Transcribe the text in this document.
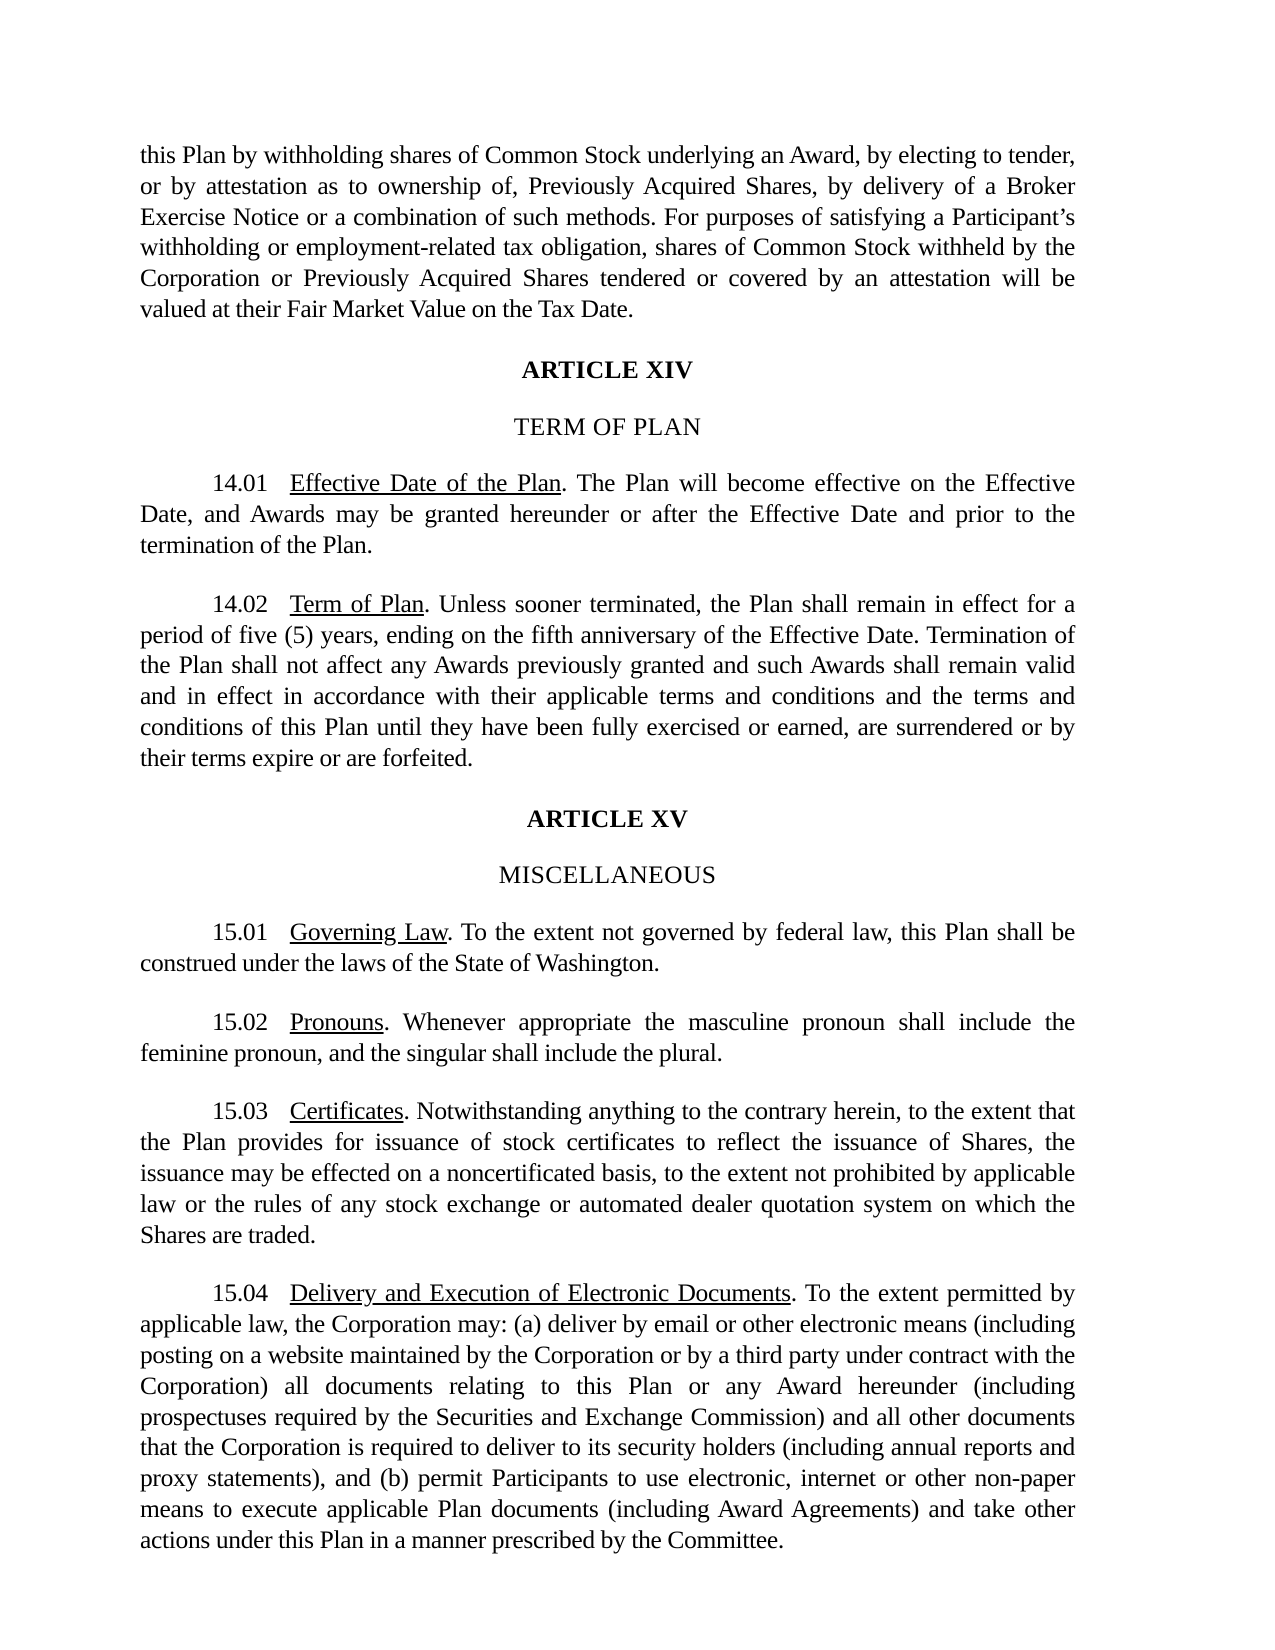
this Plan by withholding shares of Common Stock underlying an Award, by electing to tender, or by attestation as to ownership of, Previously Acquired Shares, by delivery of a Broker Exercise Notice or a combination of such methods. For purposes of satisfying a Participant’s withholding or employment-related tax obligation, shares of Common Stock withheld by the Corporation or Previously Acquired Shares tendered or covered by an attestation will be valued at their Fair Market Value on the Tax Date.

ARTICLE XIV

TERM OF PLAN

14.01 Effective Date of the Plan. The Plan will become effective on the Effective Date, and Awards may be granted hereunder or after the Effective Date and prior to the termination of the Plan.

14.02 Term of Plan. Unless sooner terminated, the Plan shall remain in effect for a period of five (5) years, ending on the fifth anniversary of the Effective Date. Termination of the Plan shall not affect any Awards previously granted and such Awards shall remain valid and in effect in accordance with their applicable terms and conditions and the terms and conditions of this Plan until they have been fully exercised or earned, are surrendered or by their terms expire or are forfeited.

ARTICLE XV

MISCELLANEOUS

15.01 Governing Law. To the extent not governed by federal law, this Plan shall be construed under the laws of the State of Washington.

15.02 Pronouns. Whenever appropriate the masculine pronoun shall include the feminine pronoun, and the singular shall include the plural.

15.03 Certificates. Notwithstanding anything to the contrary herein, to the extent that the Plan provides for issuance of stock certificates to reflect the issuance of Shares, the issuance may be effected on a noncertificated basis, to the extent not prohibited by applicable law or the rules of any stock exchange or automated dealer quotation system on which the Shares are traded.

15.04 Delivery and Execution of Electronic Documents. To the extent permitted by applicable law, the Corporation may: (a) deliver by email or other electronic means (including posting on a website maintained by the Corporation or by a third party under contract with the Corporation) all documents relating to this Plan or any Award hereunder (including prospectuses required by the Securities and Exchange Commission) and all other documents that the Corporation is required to deliver to its security holders (including annual reports and proxy statements), and (b) permit Participants to use electronic, internet or other non-paper means to execute applicable Plan documents (including Award Agreements) and take other actions under this Plan in a manner prescribed by the Committee.
